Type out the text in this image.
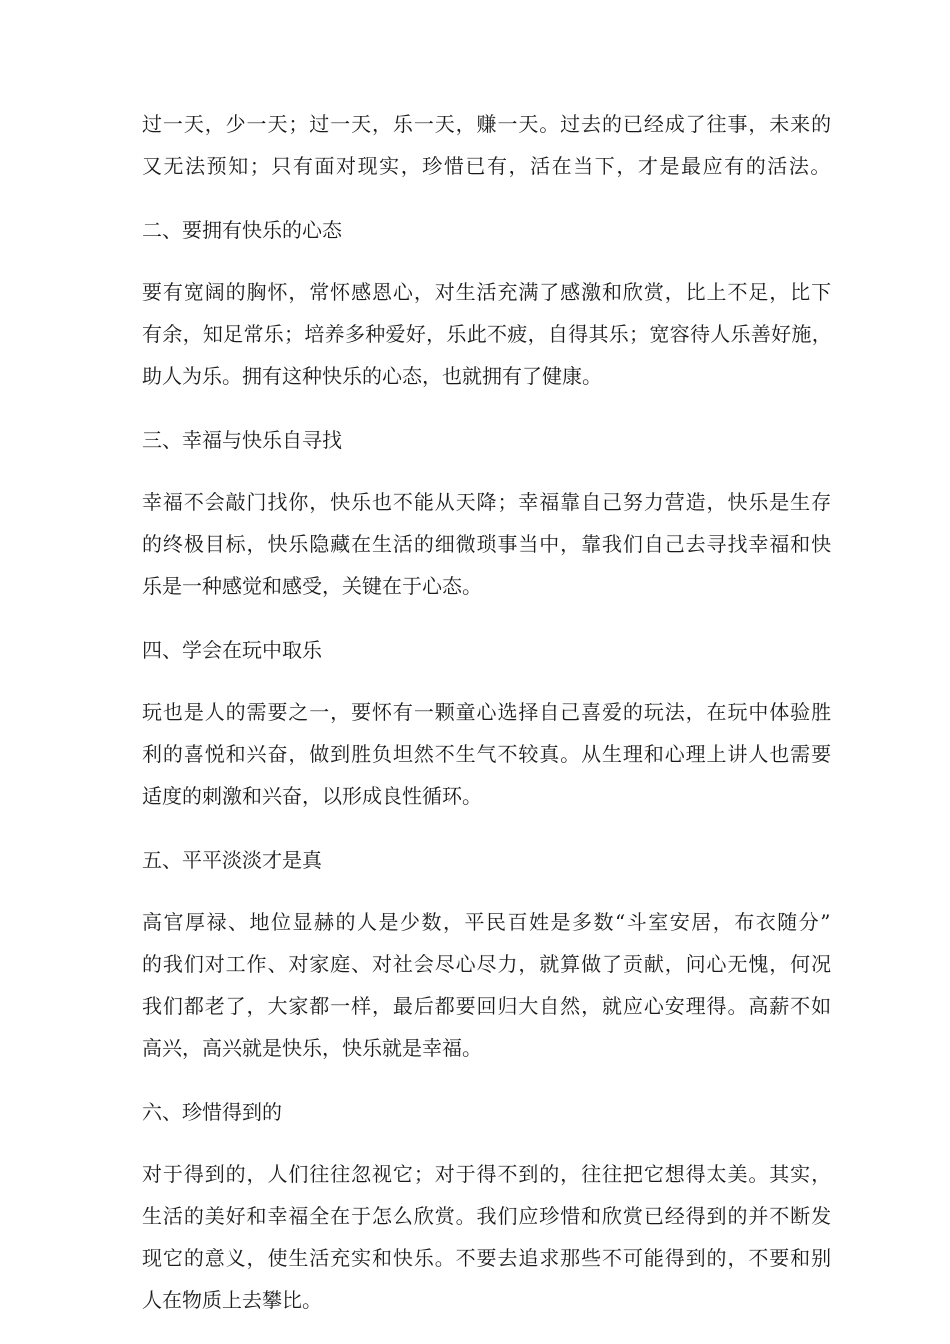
过一天，少一天；过一天，乐一天，赚一天。过去的已经成了往事，未来的
又无法预知；只有面对现实，珍惜已有，活在当下，才是最应有的活法。
二、要拥有快乐的心态
要有宽阔的胸怀，常怀感恩心，对生活充满了感激和欣赏，比上不足，比下
有余，知足常乐；培养多种爱好，乐此不疲，自得其乐；宽容待人乐善好施，
助人为乐。拥有这种快乐的心态，也就拥有了健康。
三、幸福与快乐自寻找
幸福不会敲门找你，快乐也不能从天降；幸福靠自己努力营造，快乐是生存
的终极目标，快乐隐藏在生活的细微琐事当中，靠我们自己去寻找幸福和快
乐是一种感觉和感受，关键在于心态。
四、学会在玩中取乐
玩也是人的需要之一，要怀有一颗童心选择自己喜爱的玩法，在玩中体验胜
利的喜悦和兴奋，做到胜负坦然不生气不较真。从生理和心理上讲人也需要
适度的刺激和兴奋，以形成良性循环。
五、平平淡淡才是真
高官厚禄、地位显赫的人是少数，平民百姓是多数“斗室安居，布衣随分”
的我们对工作、对家庭、对社会尽心尽力，就算做了贡献，问心无愧，何况
我们都老了，大家都一样，最后都要回归大自然，就应心安理得。高薪不如
高兴，高兴就是快乐，快乐就是幸福。
六、珍惜得到的
对于得到的，人们往往忽视它；对于得不到的，往往把它想得太美。其实，
生活的美好和幸福全在于怎么欣赏。我们应珍惜和欣赏已经得到的并不断发
现它的意义，使生活充实和快乐。不要去追求那些不可能得到的，不要和别
人在物质上去攀比。
